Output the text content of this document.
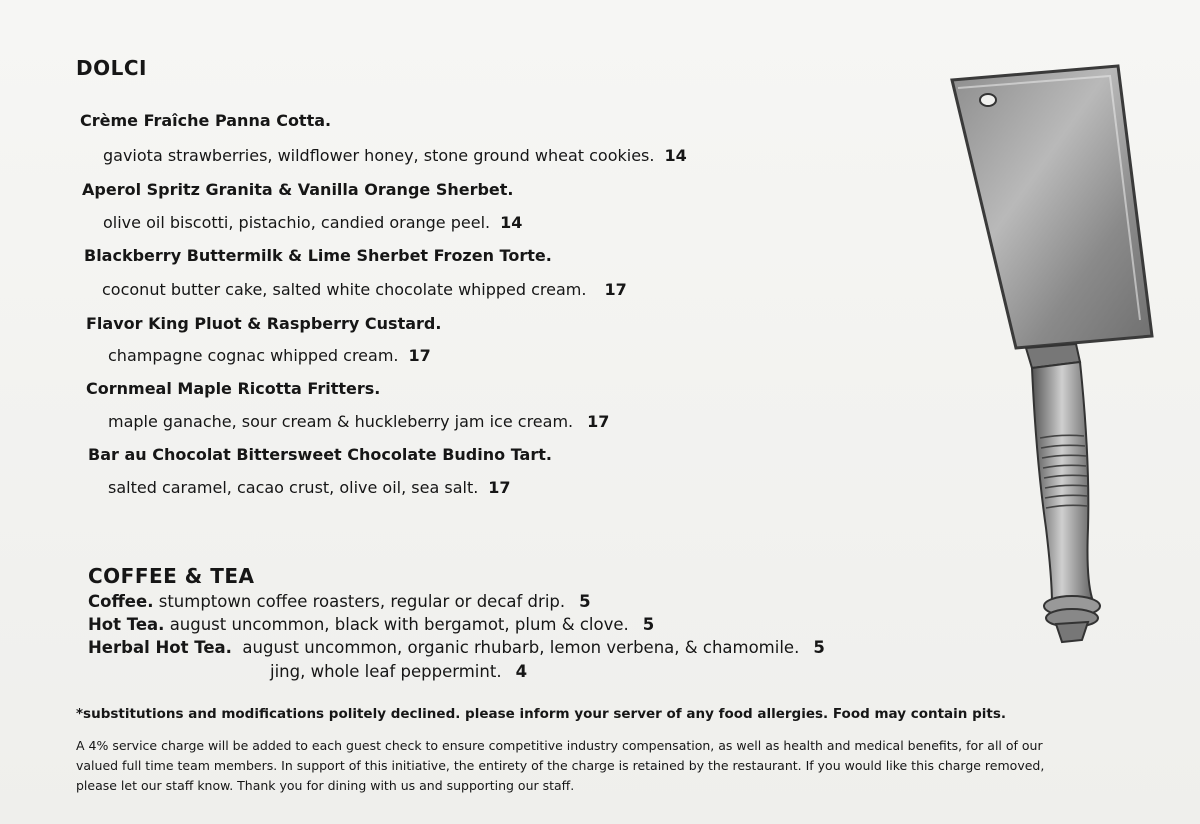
DOLCI
Crème Fraîche Panna Cotta.
gaviota strawberries, wildflower honey, stone ground wheat cookies. 14
Aperol Spritz Granita & Vanilla Orange Sherbet.
olive oil biscotti, pistachio, candied orange peel. 14
Blackberry Buttermilk & Lime Sherbet Frozen Torte.
coconut butter cake, salted white chocolate whipped cream. 17
Flavor King Pluot & Raspberry Custard.
champagne cognac whipped cream. 17
Cornmeal Maple Ricotta Fritters.
maple ganache, sour cream & huckleberry jam ice cream. 17
Bar au Chocolat Bittersweet Chocolate Budino Tart.
salted caramel, cacao crust, olive oil, sea salt. 17
COFFEE & TEA
Coffee. stumptown coffee roasters, regular or decaf drip. 5
Hot Tea. august uncommon, black with bergamot, plum & clove. 5
Herbal Hot Tea. august uncommon, organic rhubarb, lemon verbena, & chamomile. 5
jing, whole leaf peppermint. 4
*substitutions and modifications politely declined. please inform your server of any food allergies. Food may contain pits.
A 4% service charge will be added to each guest check to ensure competitive industry compensation, as well as health and medical benefits, for all of our
valued full time team members. In support of this initiative, the entirety of the charge is retained by the restaurant. If you would like this charge removed,
please let our staff know. Thank you for dining with us and supporting our staff.
